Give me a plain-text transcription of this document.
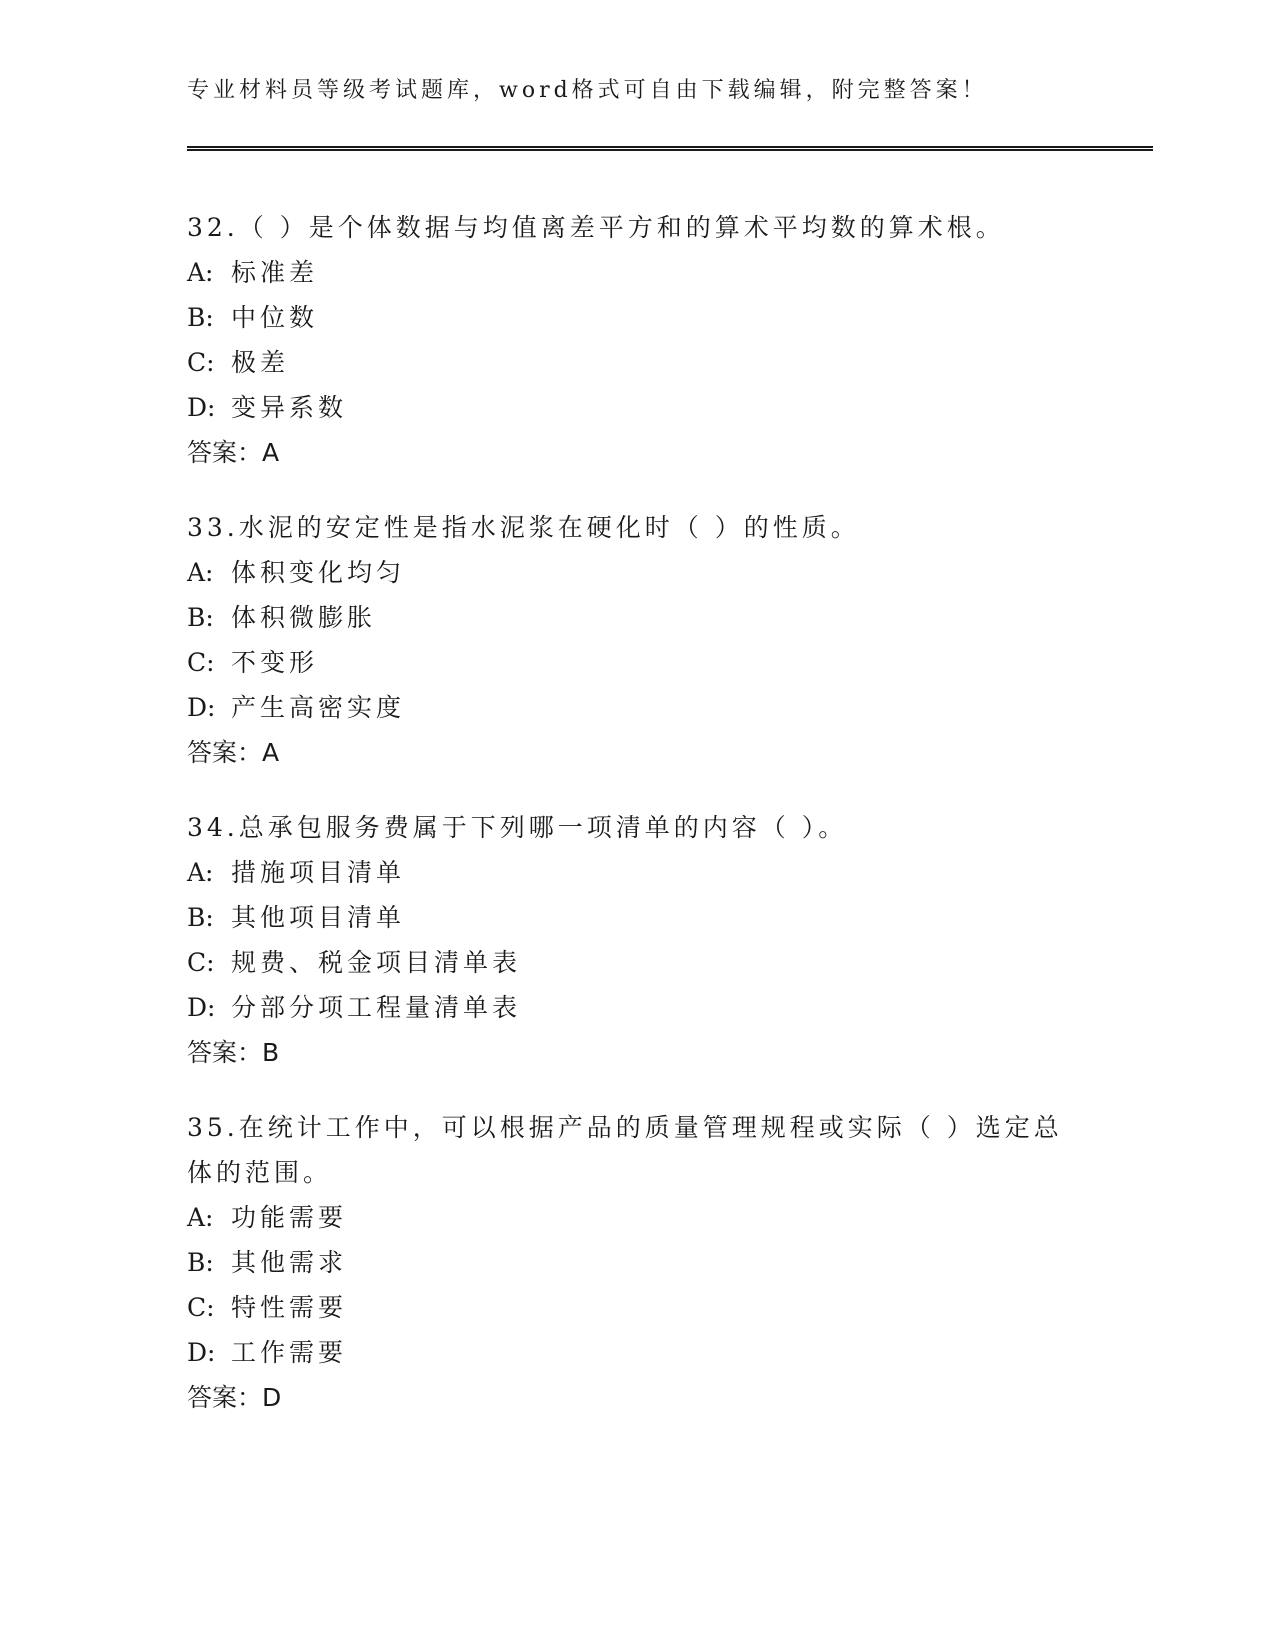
专业材料员等级考试题库，word格式可自由下载编辑，附完整答案！

32.（ ）是个体数据与均值离差平方和的算术平均数的算术根。

A: 标准差

B: 中位数

C: 极差

D: 变异系数

答案：A

33.水泥的安定性是指水泥浆在硬化时（ ）的性质。

A: 体积变化均匀

B: 体积微膨胀

C: 不变形

D: 产生高密实度

答案：A

34.总承包服务费属于下列哪一项清单的内容（ ）。

A: 措施项目清单

B: 其他项目清单

C: 规费、税金项目清单表

D: 分部分项工程量清单表

答案：B

35.在统计工作中，可以根据产品的质量管理规程或实际（ ）选定总体的范围。

A: 功能需要

B: 其他需求

C: 特性需要

D: 工作需要

答案：D
